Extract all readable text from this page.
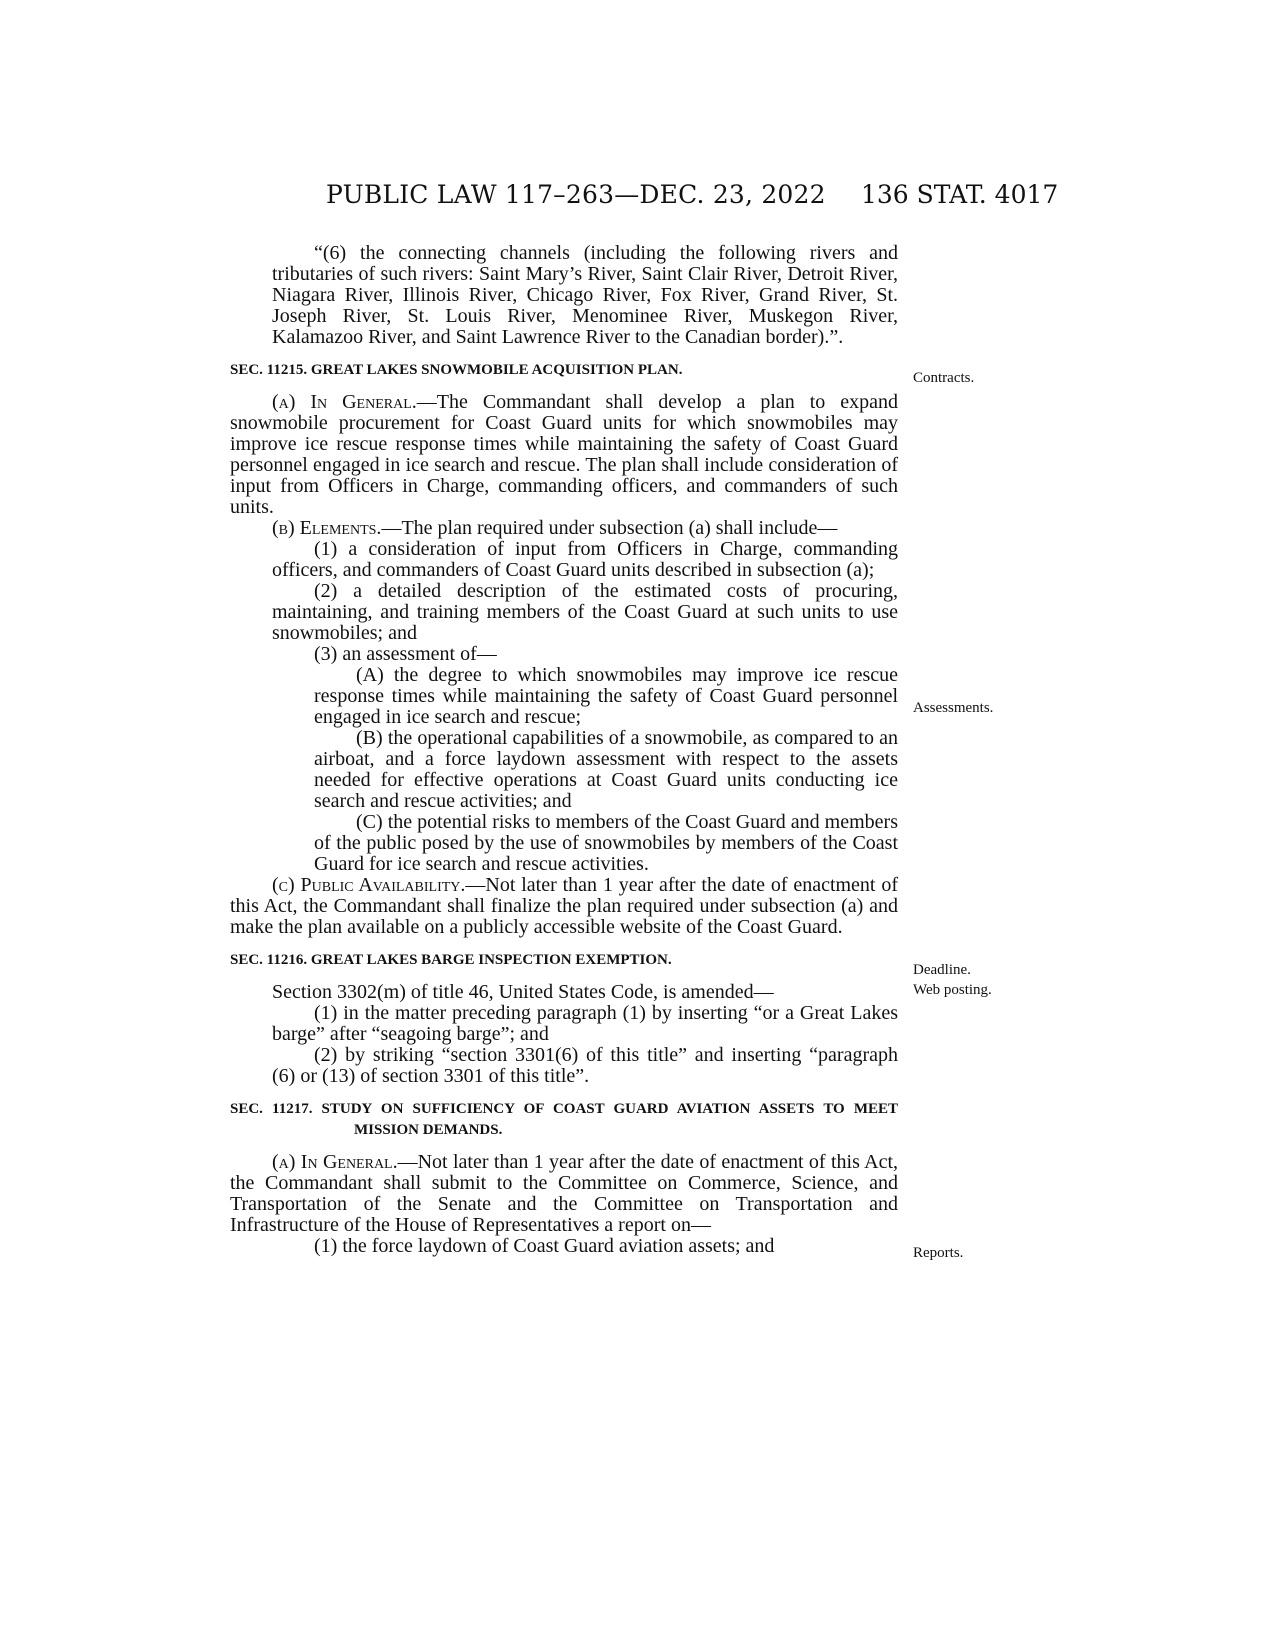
PUBLIC LAW 117–263—DEC. 23, 2022 136 STAT. 4017

“(6) the connecting channels (including the following rivers and tributaries of such rivers: Saint Mary’s River, Saint Clair River, Detroit River, Niagara River, Illinois River, Chicago River, Fox River, Grand River, St. Joseph River, St. Louis River, Menominee River, Muskegon River, Kalamazoo River, and Saint Lawrence River to the Canadian border).”.

SEC. 11215. GREAT LAKES SNOWMOBILE ACQUISITION PLAN.

(a) In General.—The Commandant shall develop a plan to expand snowmobile procurement for Coast Guard units for which snowmobiles may improve ice rescue response times while maintaining the safety of Coast Guard personnel engaged in ice search and rescue. The plan shall include consideration of input from Officers in Charge, commanding officers, and commanders of such units.

(b) Elements.—The plan required under subsection (a) shall include—

(1) a consideration of input from Officers in Charge, commanding officers, and commanders of Coast Guard units described in subsection (a);

(2) a detailed description of the estimated costs of procuring, maintaining, and training members of the Coast Guard at such units to use snowmobiles; and

(3) an assessment of—

(A) the degree to which snowmobiles may improve ice rescue response times while maintaining the safety of Coast Guard personnel engaged in ice search and rescue;

(B) the operational capabilities of a snowmobile, as compared to an airboat, and a force laydown assessment with respect to the assets needed for effective operations at Coast Guard units conducting ice search and rescue activities; and

(C) the potential risks to members of the Coast Guard and members of the public posed by the use of snowmobiles by members of the Coast Guard for ice search and rescue activities.

(c) Public Availability.—Not later than 1 year after the date of enactment of this Act, the Commandant shall finalize the plan required under subsection (a) and make the plan available on a publicly accessible website of the Coast Guard.

SEC. 11216. GREAT LAKES BARGE INSPECTION EXEMPTION.

Section 3302(m) of title 46, United States Code, is amended—

(1) in the matter preceding paragraph (1) by inserting “or a Great Lakes barge” after “seagoing barge”; and

(2) by striking “section 3301(6) of this title” and inserting “paragraph (6) or (13) of section 3301 of this title”.

SEC. 11217. STUDY ON SUFFICIENCY OF COAST GUARD AVIATION ASSETS TO MEET MISSION DEMANDS.

(a) In General.—Not later than 1 year after the date of enactment of this Act, the Commandant shall submit to the Committee on Commerce, Science, and Transportation of the Senate and the Committee on Transportation and Infrastructure of the House of Representatives a report on—

(1) the force laydown of Coast Guard aviation assets; and

Contracts.
Assessments.
Deadline.
Web posting.
Reports.
